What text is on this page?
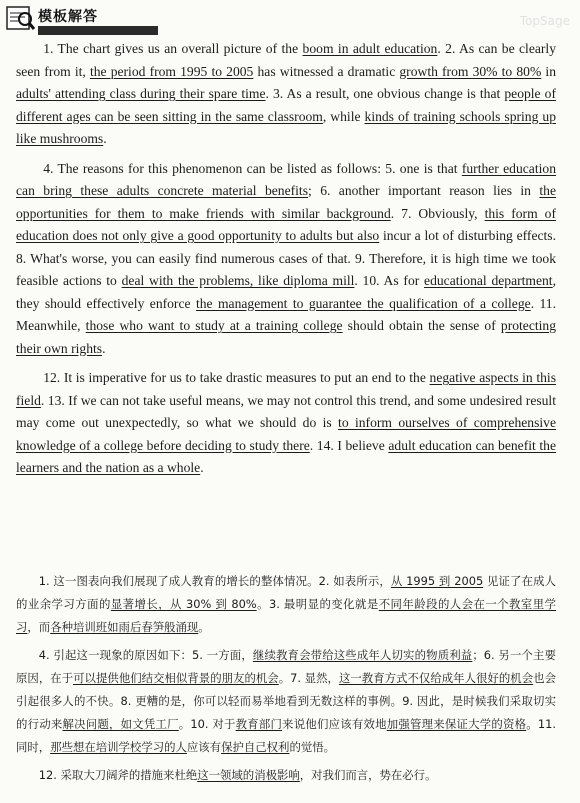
模板解答	TopSage

1. The chart gives us an overall picture of the boom in adult education. 2. As can be clearly seen from it, the period from 1995 to 2005 has witnessed a dramatic growth from 30% to 80% in adults' attending class during their spare time. 3. As a result, one obvious change is that people of different ages can be seen sitting in the same classroom, while kinds of training schools spring up like mushrooms.

4. The reasons for this phenomenon can be listed as follows: 5. one is that further education can bring these adults concrete material benefits; 6. another important reason lies in the opportunities for them to make friends with similar background. 7. Obviously, this form of education does not only give a good opportunity to adults but also incur a lot of disturbing effects. 8. What's worse, you can easily find numerous cases of that. 9. Therefore, it is high time we took feasible actions to deal with the problems, like diploma mill. 10. As for educational department, they should effectively enforce the management to guarantee the qualification of a college. 11. Meanwhile, those who want to study at a training college should obtain the sense of protecting their own rights.

12. It is imperative for us to take drastic measures to put an end to the negative aspects in this field. 13. If we can not take useful means, we may not control this trend, and some undesired result may come out unexpectedly, so what we should do is to inform ourselves of comprehensive knowledge of a college before deciding to study there. 14. I believe adult education can benefit the learners and the nation as a whole.

1. 这一图表向我们展现了成人教育的增长的整体情况。2. 如表所示，从 1995 到 2005 见证了在成人的业余学习方面的显著增长，从 30% 到 80%。3. 最明显的变化就是不同年龄段的人会在一个教室里学习，而各种培训班如雨后春笋般涌现。

4. 引起这一现象的原因如下：5. 一方面，继续教育会带给这些成年人切实的物质利益；6. 另一个主要原因，在于可以提供他们结交相似背景的朋友的机会。7. 显然，这一教育方式不仅给成年人很好的机会也会引起很多人的不快。8. 更糟的是，你可以轻而易举地看到无数这样的事例。9. 因此，是时候我们采取切实的行动来解决问题，如文凭工厂。10. 对于教育部门来说他们应该有效地加强管理来保证大学的资格。11. 同时，那些想在培训学校学习的人应该有保护自己权利的觉悟。

12. 采取大刀阔斧的措施来杜绝这一领域的消极影响，对我们而言，势在必行。
